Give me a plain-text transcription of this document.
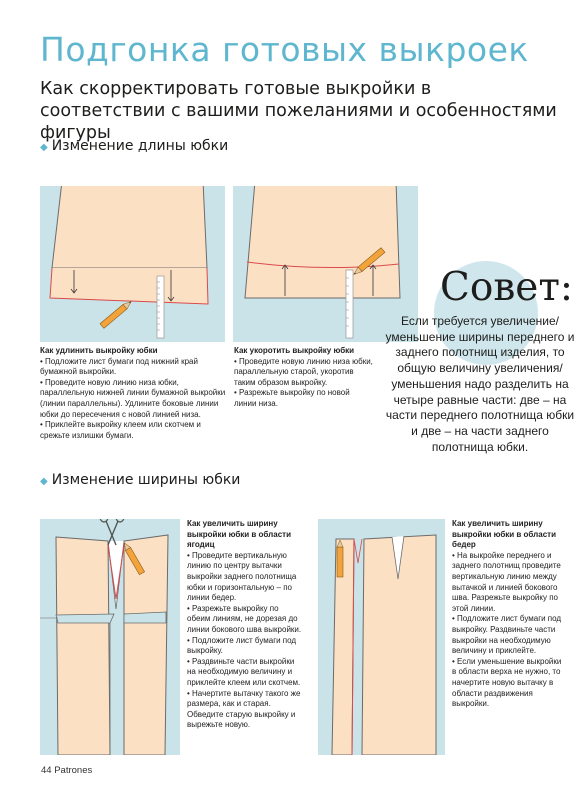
Подгонка готовых выкроек
Как скорректировать готовые выкройки в соответствии с вашими пожеланиями и особенностями фигуры
◆ Изменение длины юбки
Как удлинить выкройку юбки
• Подложите лист бумаги под нижний край бумажной выкройки.
• Проведите новую линию низа юбки, параллельную нижней линии бумажной выкройки (линии параллельны). Удлините боковые линии юбки до пересечения с новой линией низа.
• Приклейте выкройку клеем или скотчем и срежьте излишки бумаги.
Как укоротить выкройку юбки
• Проведите новую линию низа юбки, параллельную старой, укоротив таким образом выкройку.
• Разрежьте выкройку по новой линии низа.
Совет:
Если требуется увеличение/ уменьшение ширины переднего и заднего полотнищ изделия, то общую величину увеличения/ уменьшения надо разделить на четыре равные части: две – на части переднего полотнища юбки и две – на части заднего полотнища юбки.
◆ Изменение ширины юбки
Как увеличить ширину выкройки юбки в области ягодиц
• Проведите вертикальную линию по центру вытачки выкройки заднего полотнища юбки и горизонтальную – по линии бедер.
• Разрежьте выкройку по обеим линиям, не дорезая до линии бокового шва выкройки.
• Подложите лист бумаги под выкройку.
• Раздвиньте части выкройки на необходимую величину и приклейте клеем или скотчем.
• Начертите вытачку такого же размера, как и старая. Обведите старую выкройку и вырежьте новую.
Как увеличить ширину выкройки юбки в области бедер
• На выкройке переднего и заднего полотнищ проведите вертикальную линию между вытачкой и линией бокового шва. Разрежьте выкройку по этой линии.
• Подложите лист бумаги под выкройку. Раздвиньте части выкройки на необходимую величину и приклейте.
• Если уменьшение выкройки в области верха не нужно, то начертите новую вытачку в области раздвижения выкройки.
44 Patrones
